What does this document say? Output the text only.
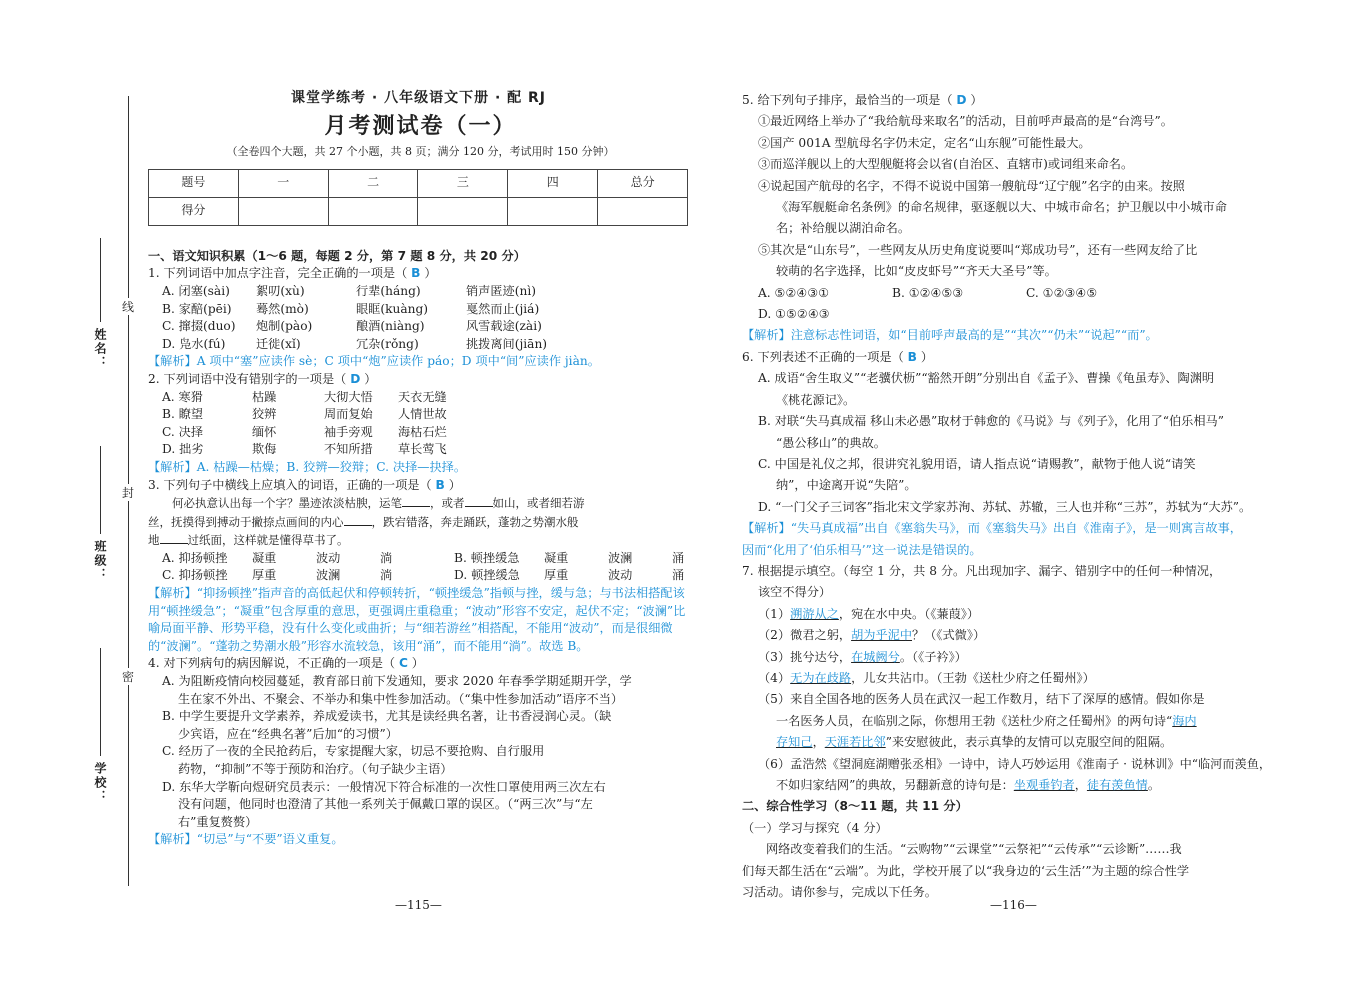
线
封
密
姓名：
班级：
学校：
课堂学练考 · 八年级语文下册 · 配 RJ
月考测试卷（一）
（全卷四个大题，共 27 个小题，共 8 页；满分 120 分，考试用时 150 分钟）
题号	一	二	三	四	总分
得分					
一、语文知识积累（1～6 题，每题 2 分，第 7 题 8 分，共 20 分）
1. 下列词语中加点字注音，完全正确的一项是（ B ）
A. 闭塞(sài)	絮叨(xù)	行辈(háng)	销声匿迹(nì)
B. 家醅(pēi)	蓦然(mò)	眼眶(kuàng)	戛然而止(jiá)
C. 撺掇(duo)	炮制(pào)	酿酒(niàng)	风雪载途(zài)
D. 凫水(fú)	迁徙(xǐ)	冗杂(rǒng)	挑拨离间(jiān)
【解析】A 项中“塞”应读作 sè；C 项中“炮”应读作 páo；D 项中“间”应读作 jiàn。
2. 下列词语中没有错别字的一项是（ D ）
A. 寒猾	枯躁	大彻大悟	天衣无缝
B. 瞭望	狡辨	周而复始	人情世故
C. 决择	缅怀	袖手旁观	海枯石烂
D. 拙劣	欺侮	不知所措	草长莺飞
【解析】A. 枯躁—枯燥；B. 狡辨—狡辩；C. 决择—抉择。
3. 下列句子中横线上应填入的词语，正确的一项是（ B ）
何必执意认出每一个字？墨迹浓淡枯腴，运笔 ，或者 如山，或者细若游
丝，抚摸得到搏动于撇捺点画间的内心 ，跌宕错落，奔走踊跃，蓬勃之势潮水般
地 过纸面，这样就是懂得草书了。
A. 抑扬顿挫	凝重	波动	淌	B. 顿挫缓急	凝重	波澜	涌
C. 抑扬顿挫	厚重	波澜	淌	D. 顿挫缓急	厚重	波动	涌
【解析】“抑扬顿挫”指声音的高低起伏和停顿转折，“顿挫缓急”指顿与挫，缓与急；与书法相搭配该用“顿挫缓急”；“凝重”包含厚重的意思，更强调庄重稳重；“波动”形容不安定，起伏不定；“波澜”比喻局面平静、形势平稳，没有什么变化或曲折；与“细若游丝”相搭配，不能用“波动”，而是很细微的“波澜”。“蓬勃之势潮水般”形容水流较急，该用“涌”，而不能用“淌”。故选 B。
4. 对下列病句的病因解说，不正确的一项是（ C ）
A. 为阻断疫情向校园蔓延，教育部日前下发通知，要求 2020 年春季学期延期开学，学
生在家不外出、不聚会、不举办和集中性参加活动。（“集中性参加活动”语序不当）
B. 中学生要提升文学素养，养成爱读书，尤其是读经典名著，让书香浸润心灵。（缺
少宾语，应在“经典名著”后加“的习惯”）
C. 经历了一夜的全民抢药后，专家提醒大家，切忌不要抢购、自行服用
药物，“抑制”不等于预防和治疗。（句子缺少主语）
D. 东华大学靳向煜研究员表示：一般情况下符合标准的一次性口罩使用两三次左右
没有问题，他同时也澄清了其他一系列关于佩戴口罩的误区。（“两三次”与“左
右”重复赘赘）
【解析】“切忌”与“不要”语义重复。
—115—
5. 给下列句子排序，最恰当的一项是（ D ）
①最近网络上举办了“我给航母来取名”的活动，目前呼声最高的是“台湾号”。
②国产 001A 型航母名字仍未定，定名“山东舰”可能性最大。
③而巡洋舰以上的大型舰艇将会以省(自治区、直辖市)或词组来命名。
④说起国产航母的名字，不得不说说中国第一艘航母“辽宁舰”名字的由来。按照
《海军舰艇命名条例》的命名规律，驱逐舰以大、中城市命名；护卫舰以中小城市命
名；补给舰以湖泊命名。
⑤其次是“山东号”，一些网友从历史角度说要叫“郑成功号”，还有一些网友给了比
较萌的名字选择，比如“皮皮虾号”“齐天大圣号”等。
A. ⑤②④③①	B. ①②④⑤③	C. ①②③④⑤D. ①⑤②④③
【解析】注意标志性词语，如“目前呼声最高的是”“其次”“仍未”“说起”“而”。
6. 下列表述不正确的一项是（ B ）
A. 成语“舍生取义”“老骥伏枥”“豁然开朗”分别出自《孟子》、曹操《龟虽寿》、陶渊明
《桃花源记》。
B. 对联“失马真成福 移山未必愚”取材于韩愈的《马说》与《列子》，化用了“伯乐相马”
“愚公移山”的典故。
C. 中国是礼仪之邦，很讲究礼貌用语，请人指点说“请赐教”，献物于他人说“请笑
纳”，中途离开说“失陪”。
D. “一门父子三词客”指北宋文学家苏洵、苏轼、苏辙，三人也并称“三苏”，苏轼为“大苏”。
【解析】“失马真成福”出自《塞翁失马》，而《塞翁失马》出自《淮南子》，是一则寓言故事，
因而“化用了‘伯乐相马’”这一说法是错误的。
7. 根据提示填空。（每空 1 分，共 8 分。凡出现加字、漏字、错别字中的任何一种情况，
该空不得分）
（1）溯游从之，宛在水中央。（《蒹葭》）
（2）微君之躬，胡为乎泥中？（《式微》）
（3）挑兮达兮，在城阙兮。（《子衿》）
（4）无为在歧路，儿女共沾巾。（王勃《送杜少府之任蜀州》）
（5）来自全国各地的医务人员在武汉一起工作数月，结下了深厚的感情。假如你是
一名医务人员，在临别之际，你想用王勃《送杜少府之任蜀州》的两句诗“海内
存知己，天涯若比邻”来安慰彼此，表示真挚的友情可以克服空间的阻隔。
（6）孟浩然《望洞庭湖赠张丞相》一诗中，诗人巧妙运用《淮南子 · 说林训》中“临河而羡鱼，
不如归家结网”的典故，另翻新意的诗句是：坐观垂钓者，徒有羡鱼情。
二、综合性学习（8～11 题，共 11 分）
（一）学习与探究（4 分）
网络改变着我们的生活。“云购物”“云课堂”“云祭祀”“云传承”“云诊断”……我
们每天都生活在“云端”。为此，学校开展了以“我身边的‘云生活’”为主题的综合性学
习活动。请你参与，完成以下任务。
—116—
